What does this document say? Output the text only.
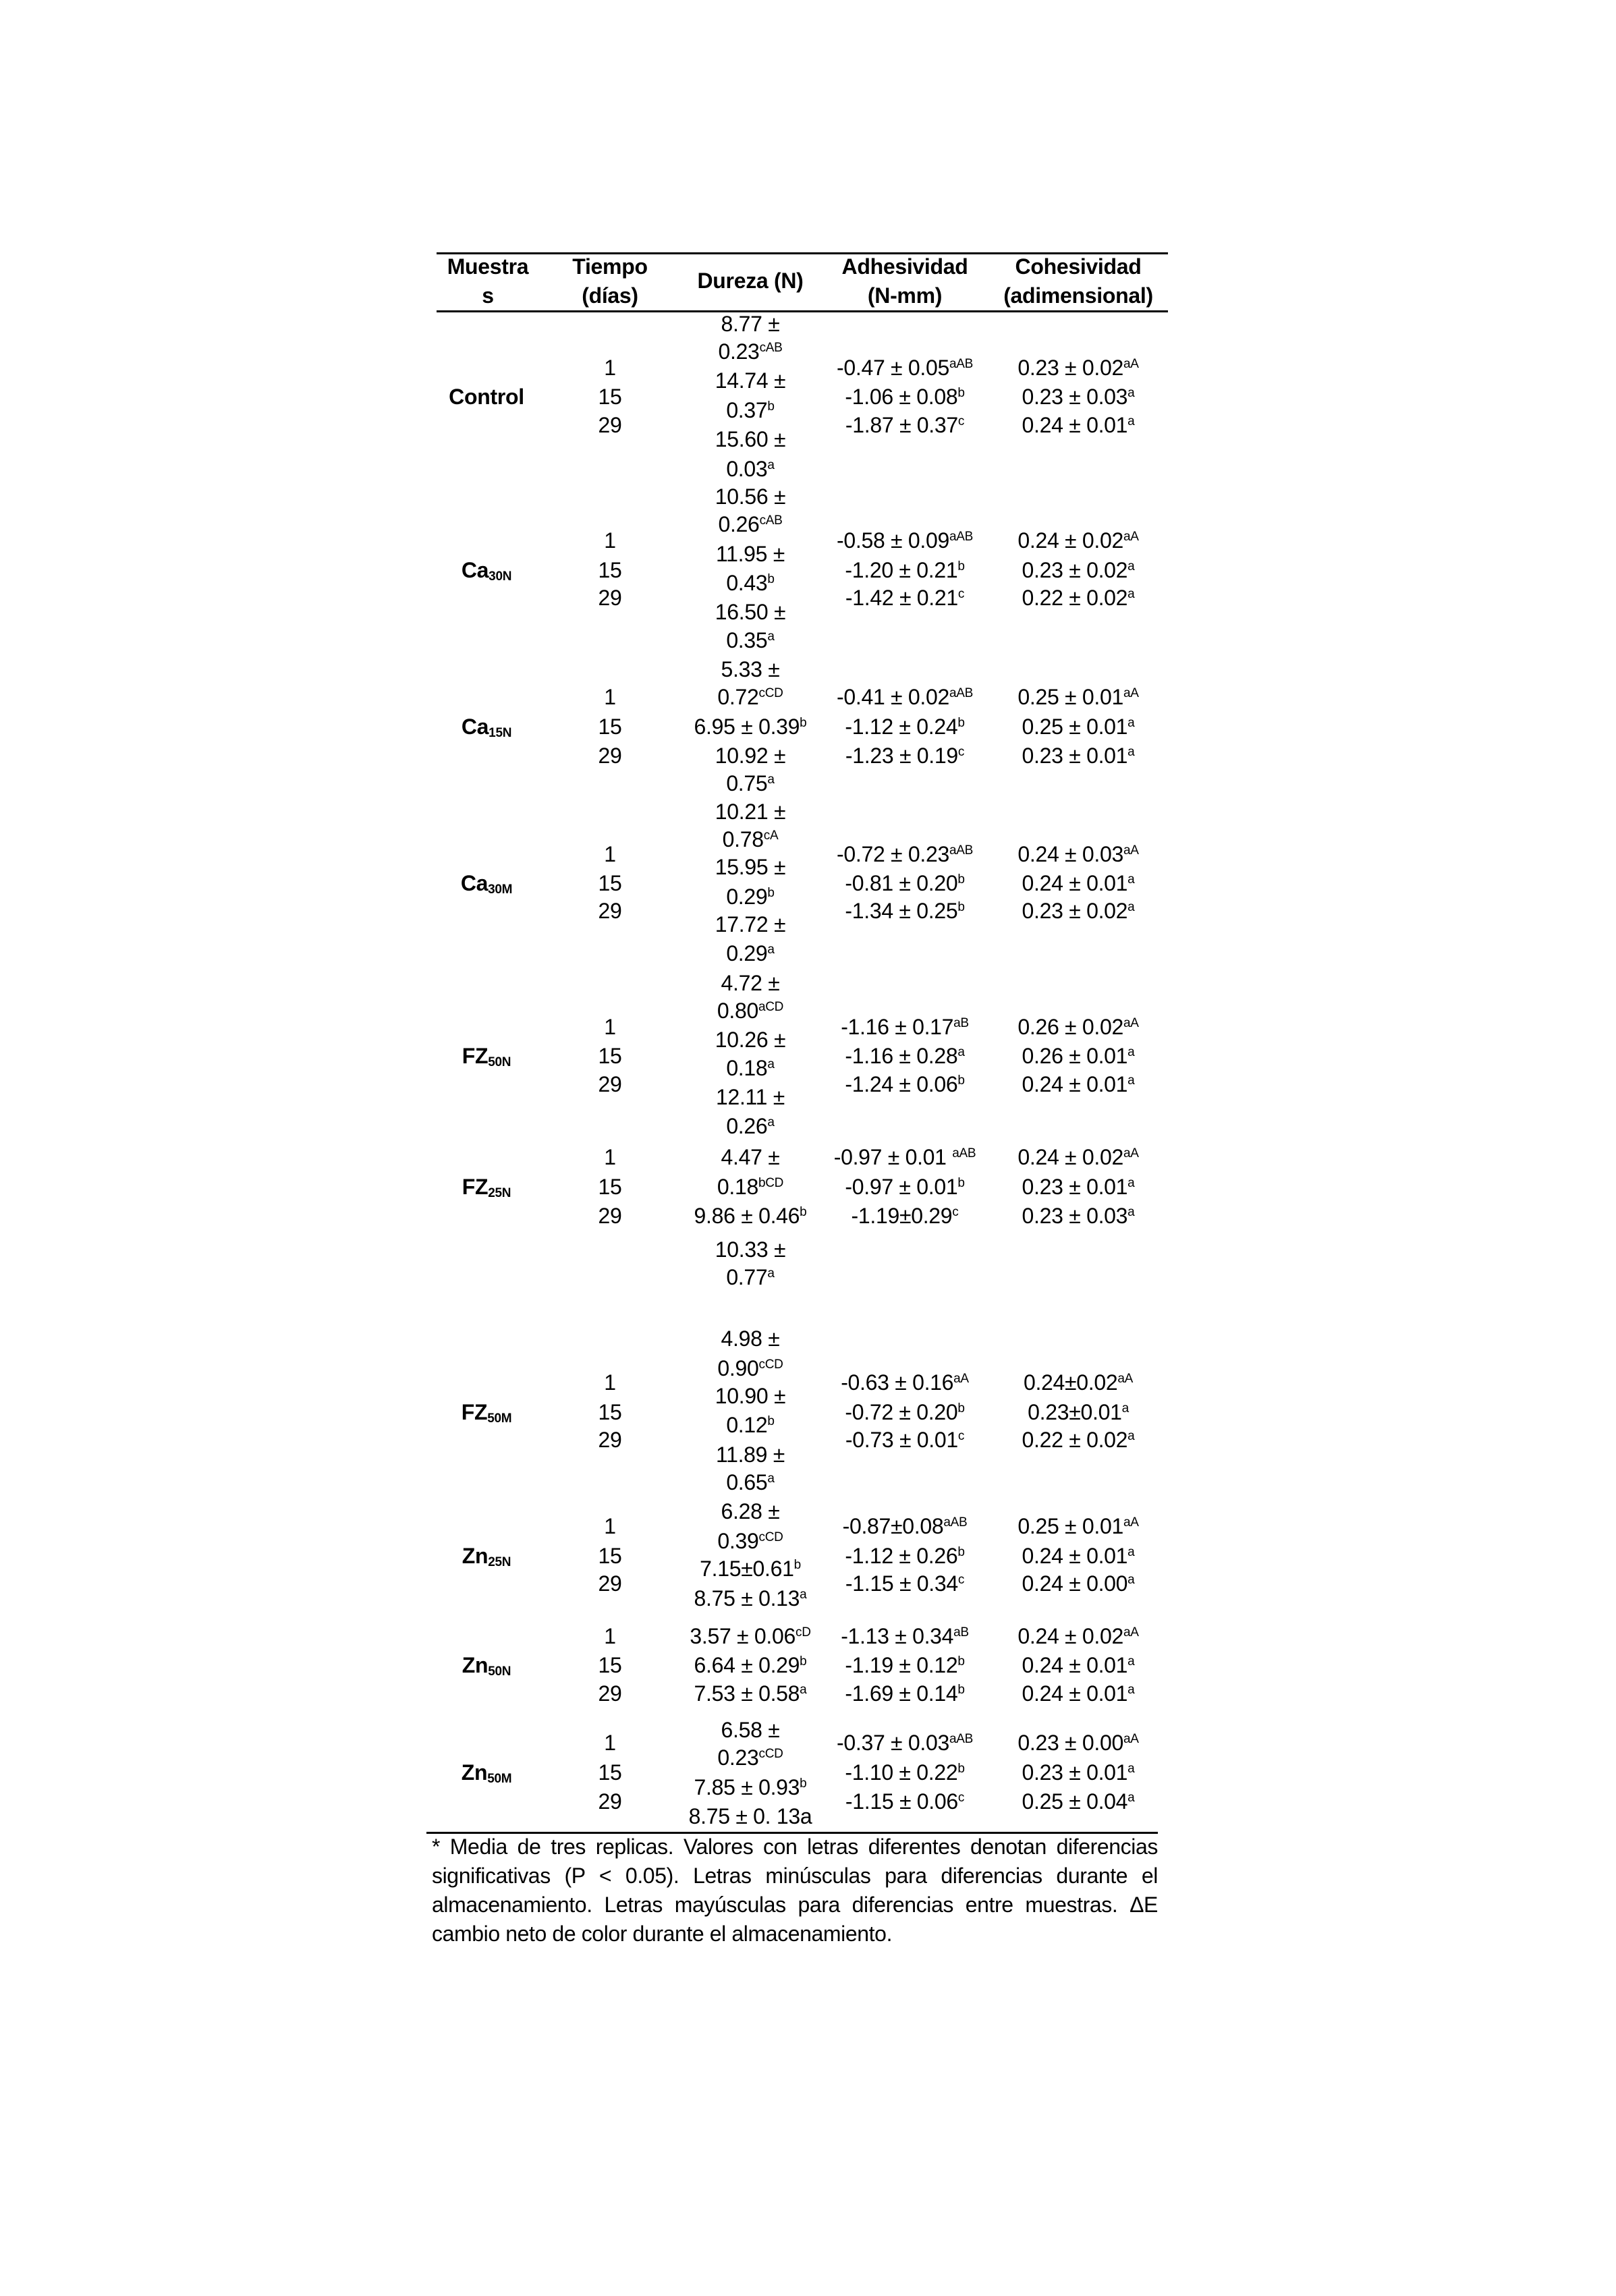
Muestra
s
Tiempo
(días)
Dureza (N)
Adhesividad
(N-mm)
Cohesividad
(adimensional)
Control
1
15
29
8.77 ±
$0.23^{cAB}$
14.74 ±
0.37$^b$
15.60 ±
0.03$^a$
$-0.47 \pm 0.05^{aAB}$
-1.06 ± 0.08$^b$
-1.87 ± 0.37$^c$
$0.23 \pm 0.02^{aA}$
0.23 ± 0.03$^a$
0.24 ± 0.01$^a$
$Ca_{30N}$
1
15
29
10.56 ±
$0.26^{cAB}$
11.95 ±
0.43$^b$
16.50 ±
0.35$^a$
$-0.58 \pm 0.09^{aAB}$
-1.20 ± 0.21$^b$
-1.42 ± 0.21$^c$
$0.24 \pm 0.02^{aA}$
0.23 ± 0.02$^a$
0.22 ± 0.02$^a$
$Ca_{15N}$
1
15
29
5.33 ±
$0.72^{cCD}$
6.95 ± 0.39$^b$
10.92 ±
0.75$^a$
$-0.41 \pm 0.02^{aAB}$
-1.12 ± 0.24$^b$
-1.23 ± 0.19$^c$
$0.25 \pm 0.01^{aA}$
0.25 ± 0.01$^a$
0.23 ± 0.01$^a$
$Ca_{30M}$
1
15
29
10.21 ±
$0.78^{cA}$
15.95 ±
0.29$^b$
17.72 ±
0.29$^a$
$-0.72 \pm 0.23^{aAB}$
-0.81 ± 0.20$^b$
-1.34 ± 0.25$^b$
$0.24 \pm 0.03^{aA}$
0.24 ± 0.01$^a$
0.23 ± 0.02$^a$
$FZ_{50N}$
1
15
29
4.72 ±
$0.80^{aCD}$
10.26 ±
0.18$^a$
12.11 ±
0.26$^a$
$-1.16 \pm 0.17^{aB}$
-1.16 ± 0.28$^a$
-1.24 ± 0.06$^b$
$0.26 \pm 0.02^{aA}$
0.26 ± 0.01$^a$
0.24 ± 0.01$^a$
$FZ_{25N}$
1
15
29
4.47 ±
$0.18^{bCD}$
9.86 ± 0.46$^b$
10.33 ±
0.77$^a$
-0.97 ± 0.01 $^{aAB}$
-0.97 ± 0.01$^b$
-1.19±0.29$^c$
$0.24 \pm 0.02^{aA}$
0.23 ± 0.01$^a$
0.23 ± 0.03$^a$
$FZ_{50M}$
1
15
29
4.98 ±
$0.90^{cCD}$
10.90 ±
0.12$^b$
11.89 ±
0.65$^a$
$-0.63 \pm 0.16^{aA}$
-0.72 ± 0.20$^b$
-0.73 ± 0.01$^c$
$0.24\pm 0.02^{aA}$
0.23±0.01$^a$
0.22 ± 0.02$^a$
$Zn_{25N}$
1
15
29
6.28 ±
$0.39^{cCD}$
7.15±0.61$^b$
8.75 ± 0.13$^a$
$-0.87\pm 0.08^{aAB}$
-1.12 ± 0.26$^b$
-1.15 ± 0.34$^c$
$0.25 \pm 0.01^{aA}$
0.24 ± 0.01$^a$
0.24 ± 0.00$^a$
$Zn_{50N}$
1
15
29
$3.57 \pm 0.06^{cD}$
6.64 ± 0.29$^b$
7.53 ± 0.58$^a$
$-1.13 \pm 0.34^{aB}$
-1.19 ± 0.12$^b$
-1.69 ± 0.14$^b$
$0.24 \pm 0.02^{aA}$
0.24 ± 0.01$^a$
0.24 ± 0.01$^a$
$Zn_{50M}$
1
15
29
6.58 ±
$0.23^{cCD}$
7.85 ± 0.93$^b$
8.75 ± 0. 13a
$-0.37 \pm 0.03^{aAB}$
-1.10 ± 0.22$^b$
-1.15 ± 0.06$^c$
$0.23 \pm 0.00^{aA}$
0.23 ± 0.01$^a$
0.25 ± 0.04$^a$
* Media de tres replicas. Valores con letras diferentes denotan diferencias significativas (P < 0.05). Letras minúsculas para diferencias durante el almacenamiento. Letras mayúsculas para diferencias entre muestras. ΔE cambio neto de color durante el almacenamiento.
